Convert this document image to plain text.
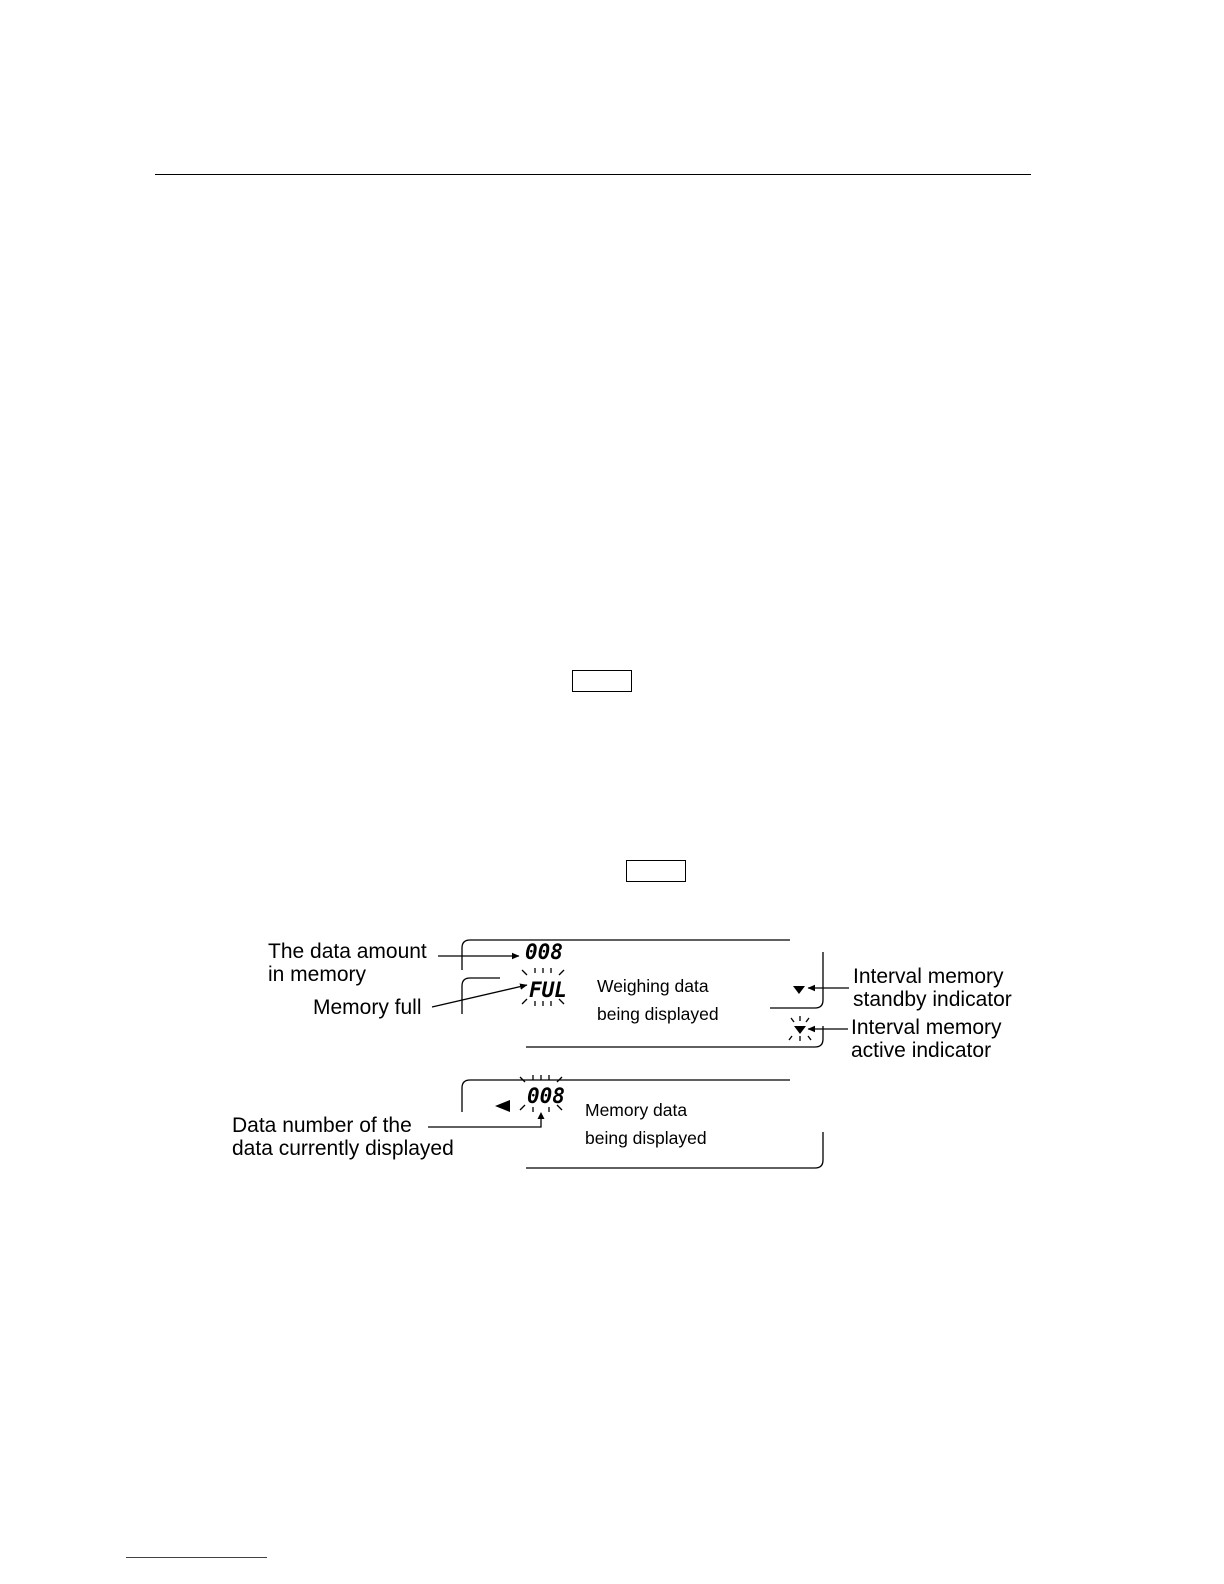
008
FUL Weighing data
being displayed
008
Memory data
being displayed
The data amount
in memory
Memory full
Interval memory
standby indicator
Interval memory
active indicator
Data number of the
data currently displayed
